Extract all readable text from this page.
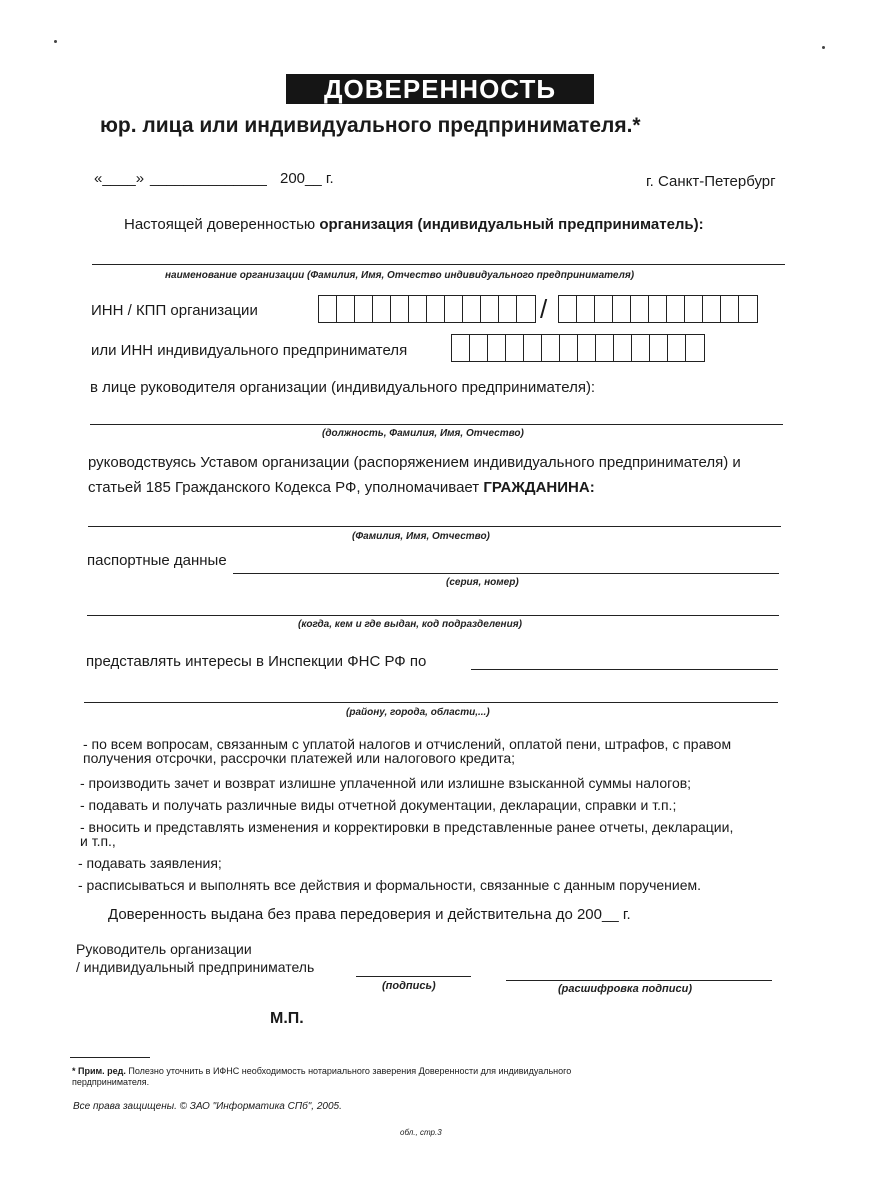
ДОВЕРЕННОСТЬ
юр. лица или индивидуального предпринимателя.*
«____» ______________ 200__ г.	г. Санкт-Петербург
Настоящей доверенностью организация (индивидуальный предприниматель):
наименование организации (Фамилия, Имя, Отчество индивидуального предпринимателя)
ИНН / КПП организации	/
или ИНН индивидуального предпринимателя
в лице руководителя организации (индивидуального предпринимателя):
(должность, Фамилия, Имя, Отчество)
руководствуясь Уставом организации (распоряжением индивидуального предпринимателя) и
статьей 185 Гражданского Кодекса РФ, уполномачивает ГРАЖДАНИНА:
(Фамилия, Имя, Отчество)
паспортные данные
(серия, номер)
(когда, кем и где выдан, код подразделения)
представлять интересы в Инспекции ФНС РФ по
(району, города, области,...)
- по всем вопросам, связанным с уплатой налогов и отчислений, оплатой пени, штрафов, с правом
получения отсрочки, рассрочки платежей или налогового кредита;
- производить зачет и возврат излишне уплаченной или излишне взысканной суммы налогов;
- подавать и получать различные виды отчетной документации, декларации, справки и т.п.;
- вносить и представлять изменения и корректировки в представленные ранее отчеты, декларации,
и т.п.,
- подавать заявления;
- расписываться и выполнять все действия и формальности, связанные с данным поручением.
Доверенность выдана без права передоверия и действительна до 200__ г.
Руководитель организации
/ индивидуальный предприниматель
(подпись)	(расшифровка подписи)
М.П.
* Прим. ред. Полезно уточнить в ИФНС необходимость нотариального заверения Доверенности для индивидуального
пердпринимателя.
Все права защищены. © ЗАО "Информатика СПб", 2005.
обл., стр.3
